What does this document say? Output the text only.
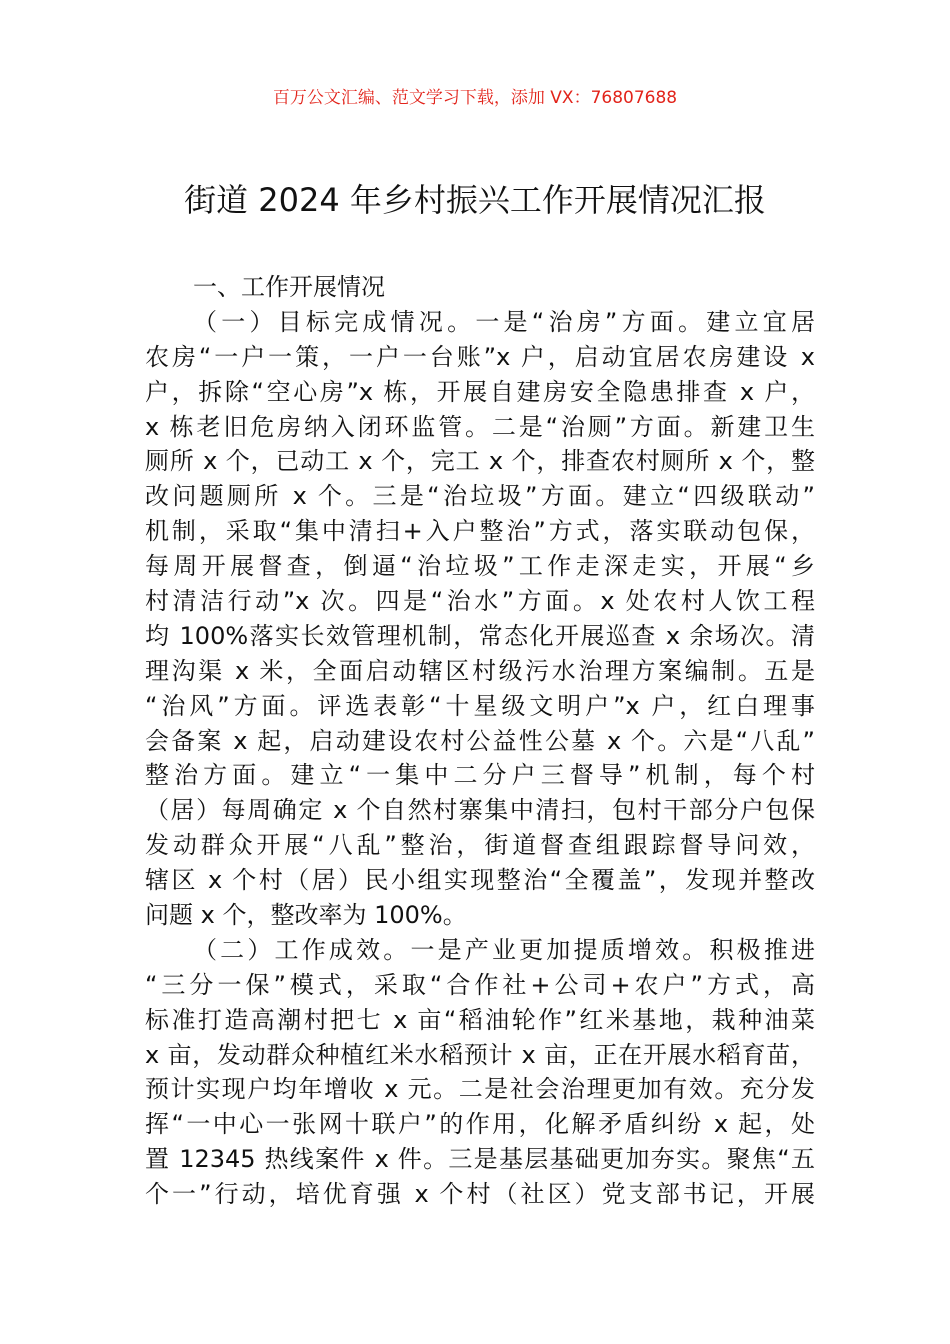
百万公文汇编、范文学习下载，添加 VX：76807688
街道 2024 年乡村振兴工作开展情况汇报
一、工作开展情况
（一）目标完成情况。一是“治房”方面。建立宜居
农房“一户一策，一户一台账”x 户，启动宜居农房建设 x
户，拆除“空心房”x 栋，开展自建房安全隐患排查 x 户，
x 栋老旧危房纳入闭环监管。二是“治厕”方面。新建卫生
厕所 x 个，已动工 x 个，完工 x 个，排查农村厕所 x 个，整
改问题厕所 x 个。三是“治垃圾”方面。建立“四级联动”
机制，采取“集中清扫+入户整治”方式，落实联动包保，
每周开展督查，倒逼“治垃圾”工作走深走实，开展“乡
村清洁行动”x 次。四是“治水”方面。x 处农村人饮工程
均 100%落实长效管理机制，常态化开展巡查 x 余场次。清
理沟渠 x 米，全面启动辖区村级污水治理方案编制。五是
“治风”方面。评选表彰“十星级文明户”x 户，红白理事
会备案 x 起，启动建设农村公益性公墓 x 个。六是“八乱”
整治方面。建立“一集中二分户三督导”机制，每个村
（居）每周确定 x 个自然村寨集中清扫，包村干部分户包保
发动群众开展“八乱”整治，街道督查组跟踪督导问效，
辖区 x 个村（居）民小组实现整治“全覆盖”，发现并整改
问题 x 个，整改率为 100%。
（二）工作成效。一是产业更加提质增效。积极推进
“三分一保”模式，采取“合作社+公司+农户”方式，高
标准打造高潮村把七 x 亩“稻油轮作”红米基地，栽种油菜
x 亩，发动群众种植红米水稻预计 x 亩，正在开展水稻育苗，
预计实现户均年增收 x 元。二是社会治理更加有效。充分发
挥“一中心一张网十联户”的作用，化解矛盾纠纷 x 起，处
置 12345 热线案件 x 件。三是基层基础更加夯实。聚焦“五
个一”行动，培优育强 x 个村（社区）党支部书记，开展
